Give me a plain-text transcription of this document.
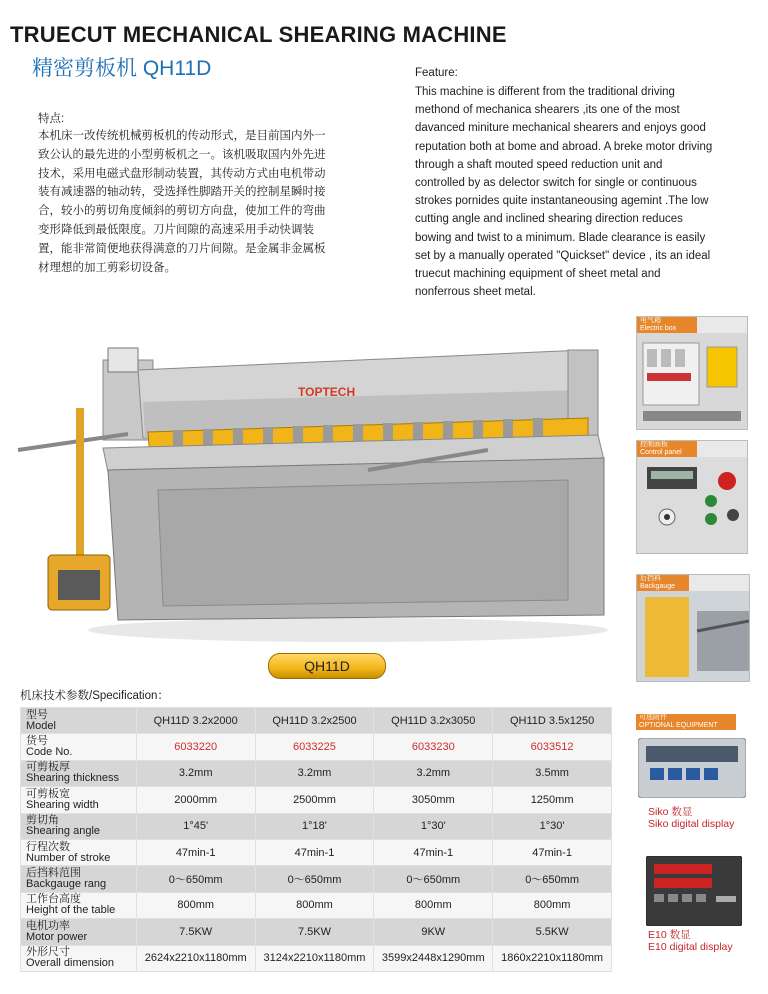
TRUECUT MECHANICAL SHEARING MACHINE
精密剪板机 QH11D	Feature:
This machine is different from the traditional driving methond of mechanica shearers ,its one of the most davanced miniture mechanical shearers and enjoys good reputation both at bome and abroad. A breke motor driving through a shaft mouted speed reduction unit and controlled by as delector switch for single or continuous strokes pornides quite instantaneousing agemint .The low cutting angle and inclined shearing direction reduces bowing and twist to a minimum. Blade clearance is easily set by a manually operated "Quickset" device , its an ideal truecut machining equipment of sheet metal and nonferrous sheet metal.
特点:
本机床一改传统机械剪板机的传动形式，是目前国内外一致公认的最先进的小型剪板机之一。该机吸取国内外先进技术，采用电磁式盘形制动装置，其传动方式由电机带动装有减速器的轴动转，受选择性脚踏开关的控制星瞬时接合，较小的剪切角度倾斜的剪切方向盘，使加工件的弯曲变形降低到最低限度。刀片间隙的高速采用手动快调装置，能非常简便地获得满意的刀片间隙。是金属非金属板材理想的加工剪彩切设备。
TOPTECH
电气箱
Electric box
控制面板
Control panel
后挡料
Backgauge
QH11D
机床技术参数/Specification：
型号
Model	QH11D 3.2x2000	QH11D 3.2x2500	QH11D 3.2x3050	QH11D 3.5x1250

货号
Code No.	6033220	6033225	6033230	6033512

可剪板厚
Shearing thickness	3.2mm	3.2mm	3.2mm	3.5mm

可剪板宽
Shearing width	2000mm	2500mm	3050mm	1250mm

剪切角
Shearing angle	1°45'	1°18'	1°30'	1°30'

行程次数
Number of stroke	47min-1	47min-1	47min-1	47min-1

后挡料范围
Backgauge rang	0～650mm	0～650mm	0～650mm	0～650mm

工作台高度
Height of the table	800mm	800mm	800mm	800mm

电机功率
Motor power	7.5KW	7.5KW	9KW	5.5KW

外形尺寸
Overall dimension	2624x2210x1180mm	3124x2210x1180mm	3599x2448x1290mm	1860x2210x1180mm
可选附件
OPTIONAL EQUIPMENT
Siko 数显
Siko digital display
E10 数显
E10 digital display
